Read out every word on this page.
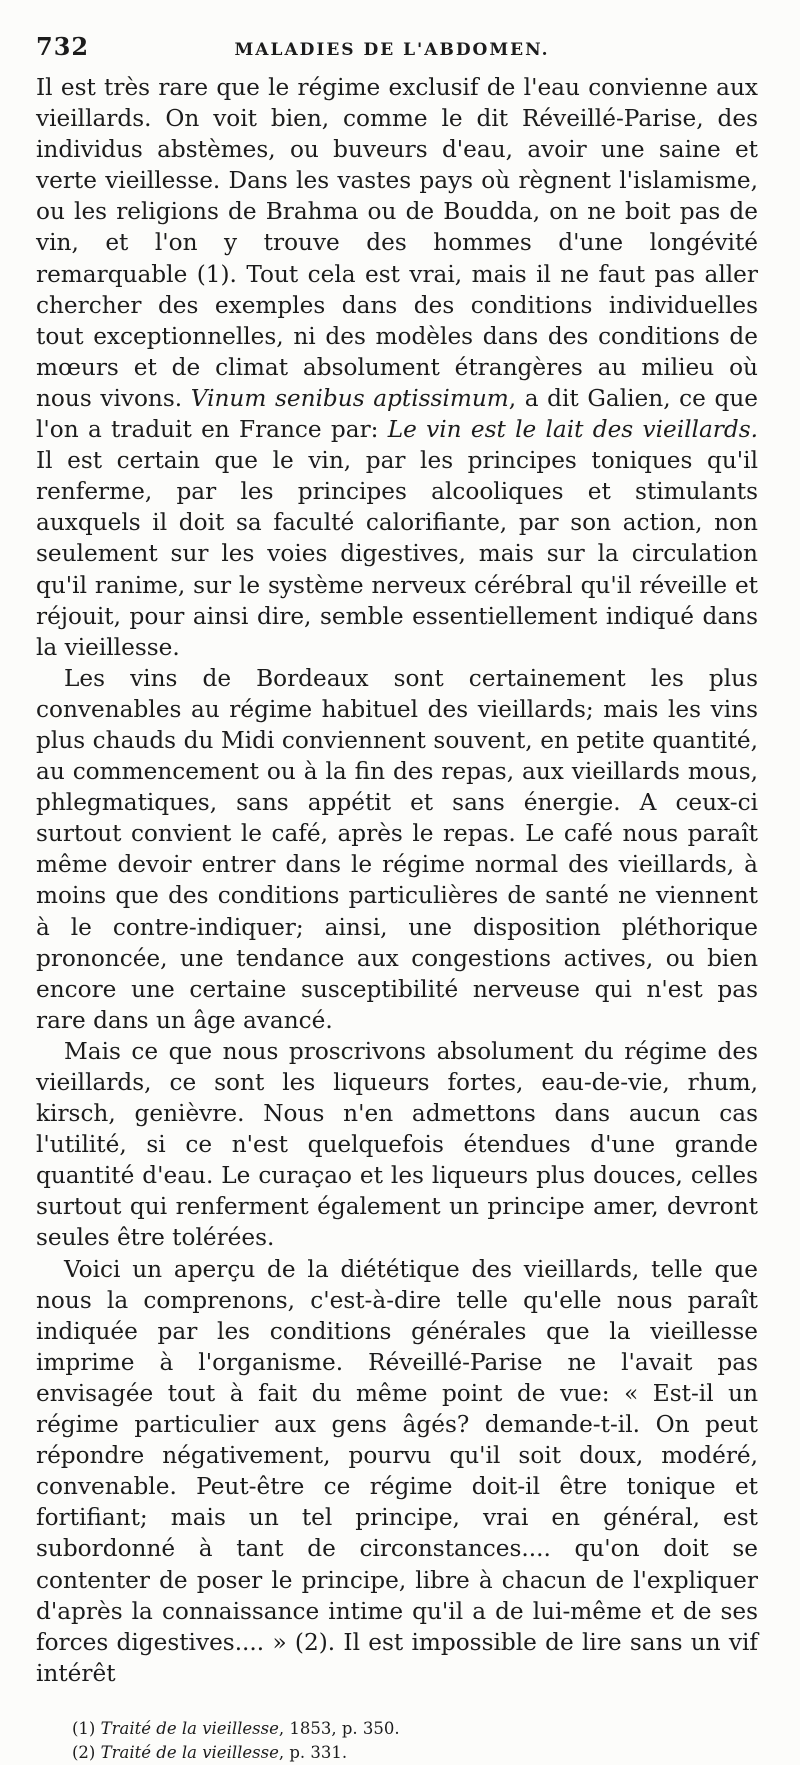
732	MALADIES DE L'ABDOMEN.

Il est très rare que le régime exclusif de l'eau convienne aux vieillards. On voit bien, comme le dit Réveillé-Parise, des individus abstèmes, ou buveurs d'eau, avoir une saine et verte vieillesse. Dans les vastes pays où règnent l'islamisme, ou les religions de Brahma ou de Boudda, on ne boit pas de vin, et l'on y trouve des hommes d'une longévité remarquable (1). Tout cela est vrai, mais il ne faut pas aller chercher des exemples dans des conditions individuelles tout exceptionnelles, ni des modèles dans des conditions de mœurs et de climat absolument étrangères au milieu où nous vivons. Vinum senibus aptissimum, a dit Galien, ce que l'on a traduit en France par: Le vin est le lait des vieillards. Il est certain que le vin, par les principes toniques qu'il renferme, par les principes alcooliques et stimulants auxquels il doit sa faculté calorifiante, par son action, non seulement sur les voies digestives, mais sur la circulation qu'il ranime, sur le système nerveux cérébral qu'il réveille et réjouit, pour ainsi dire, semble essentiellement indiqué dans la vieillesse.

Les vins de Bordeaux sont certainement les plus convenables au régime habituel des vieillards; mais les vins plus chauds du Midi conviennent souvent, en petite quantité, au commencement ou à la fin des repas, aux vieillards mous, phlegmatiques, sans appétit et sans énergie. A ceux-ci surtout convient le café, après le repas. Le café nous paraît même devoir entrer dans le régime normal des vieillards, à moins que des conditions particulières de santé ne viennent à le contre-indiquer; ainsi, une disposition pléthorique prononcée, une tendance aux congestions actives, ou bien encore une certaine susceptibilité nerveuse qui n'est pas rare dans un âge avancé.

Mais ce que nous proscrivons absolument du régime des vieillards, ce sont les liqueurs fortes, eau-de-vie, rhum, kirsch, genièvre. Nous n'en admettons dans aucun cas l'utilité, si ce n'est quelquefois étendues d'une grande quantité d'eau. Le curaçao et les liqueurs plus douces, celles surtout qui renferment également un principe amer, devront seules être tolérées.

Voici un aperçu de la diététique des vieillards, telle que nous la comprenons, c'est-à-dire telle qu'elle nous paraît indiquée par les conditions générales que la vieillesse imprime à l'organisme. Réveillé-Parise ne l'avait pas envisagée tout à fait du même point de vue: « Est-il un régime particulier aux gens âgés? demande-t-il. On peut répondre négativement, pourvu qu'il soit doux, modéré, convenable. Peut-être ce régime doit-il être tonique et fortifiant; mais un tel principe, vrai en général, est subordonné à tant de circonstances.... qu'on doit se contenter de poser le principe, libre à chacun de l'expliquer d'après la connaissance intime qu'il a de lui-même et de ses forces digestives.... » (2). Il est impossible de lire sans un vif intérêt

(1) Traité de la vieillesse, 1853, p. 350.
(2) Traité de la vieillesse, p. 331.
